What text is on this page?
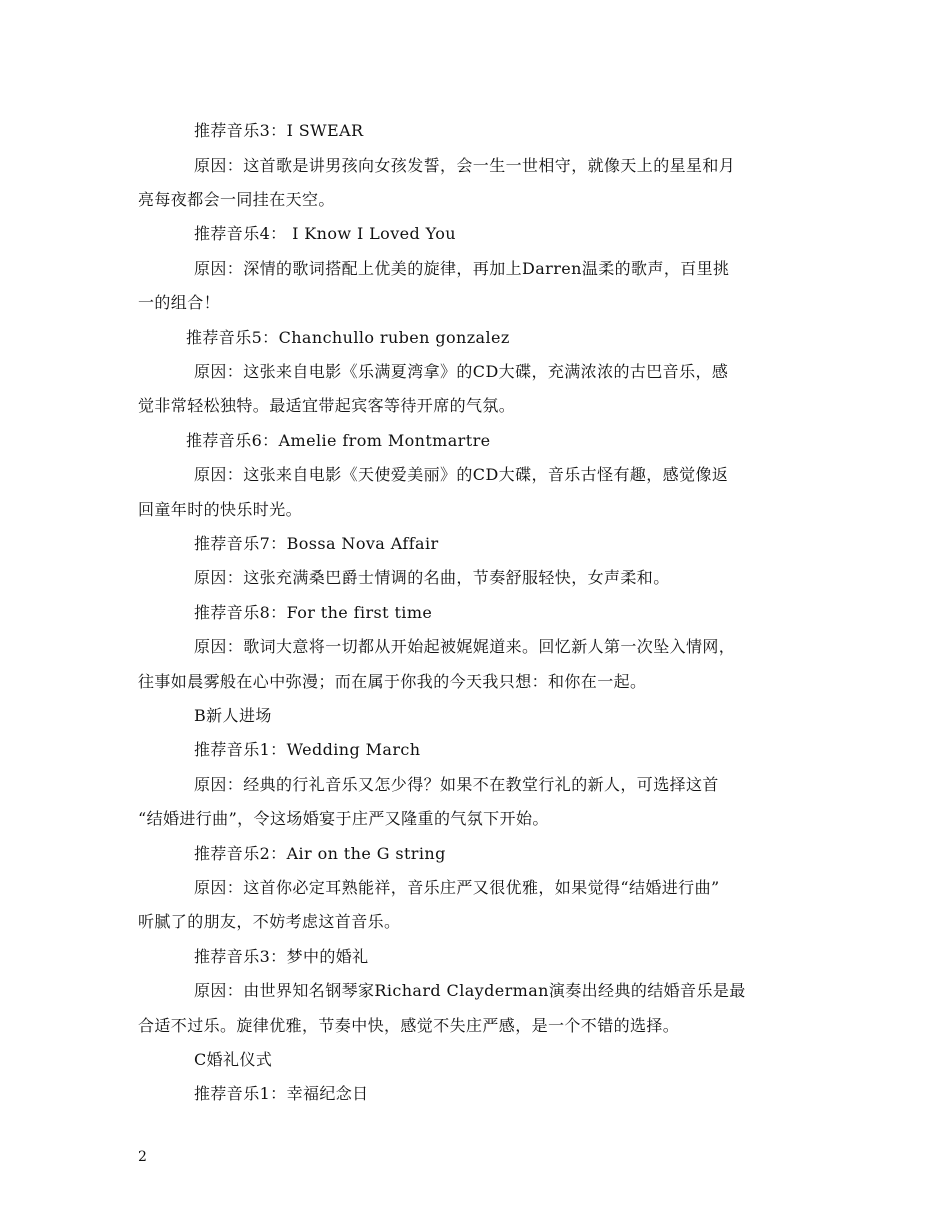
推荐音乐3：I SWEAR
原因：这首歌是讲男孩向女孩发誓，会一生一世相守，就像天上的星星和月
亮每夜都会一同挂在天空。
推荐音乐4： I Know I Loved You
原因：深情的歌词搭配上优美的旋律，再加上Darren温柔的歌声，百里挑
一的组合！
推荐音乐5：Chanchullo ruben gonzalez
原因：这张来自电影《乐满夏湾拿》的CD大碟，充满浓浓的古巴音乐，感
觉非常轻松独特。最适宜带起宾客等待开席的气氛。
推荐音乐6：Amelie from Montmartre
原因：这张来自电影《天使爱美丽》的CD大碟，音乐古怪有趣，感觉像返
回童年时的快乐时光。
推荐音乐7：Bossa Nova Affair
原因：这张充满桑巴爵士情调的名曲，节奏舒服轻快，女声柔和。
推荐音乐8：For the first time
原因：歌词大意将一切都从开始起被娓娓道来。回忆新人第一次坠入情网，
往事如晨雾般在心中弥漫；而在属于你我的今天我只想：和你在一起。
B新人进场
推荐音乐1：Wedding March
原因：经典的行礼音乐又怎少得？如果不在教堂行礼的新人，可选择这首
“结婚进行曲”，令这场婚宴于庄严又隆重的气氛下开始。
推荐音乐2：Air on the G string
原因：这首你必定耳熟能祥，音乐庄严又很优雅，如果觉得“结婚进行曲”
听腻了的朋友，不妨考虑这首音乐。
推荐音乐3：梦中的婚礼
原因：由世界知名钢琴家Richard Clayderman演奏出经典的结婚音乐是最
合适不过乐。旋律优雅，节奏中快，感觉不失庄严感，是一个不错的选择。
C婚礼仪式
推荐音乐1：幸福纪念日
2
